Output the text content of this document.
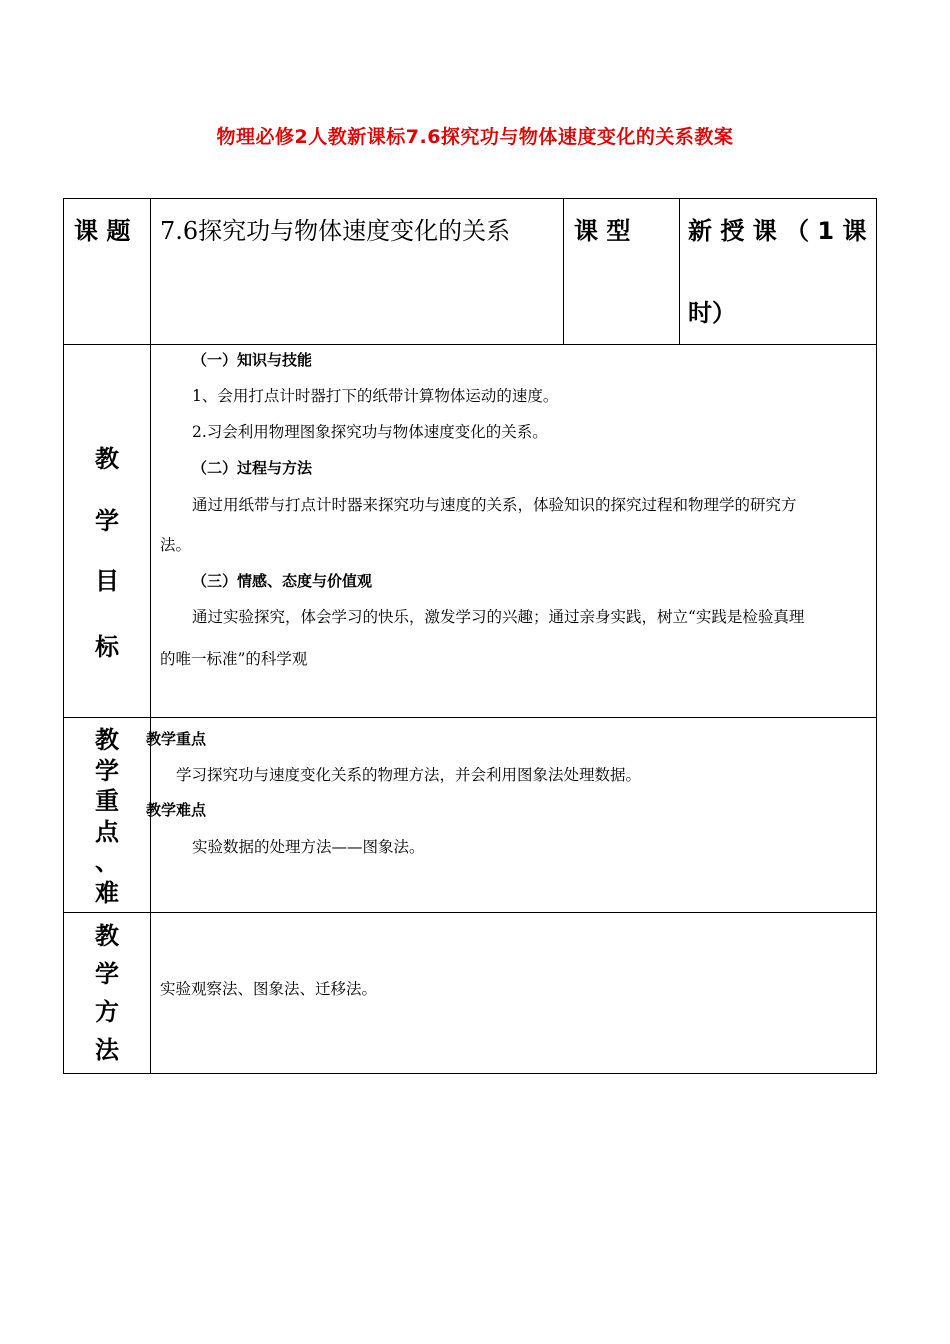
物理必修2人教新课标7.6探究功与物体速度变化的关系教案
课 题 7.6探究功与物体速度变化的关系	课 型 新 授 课 （ 1 课
时）
教
学
目
标
（一）知识与技能
1、会用打点计时器打下的纸带计算物体运动的速度。
2.习会利用物理图象探究功与物体速度变化的关系。
（二）过程与方法
通过用纸带与打点计时器来探究功与速度的关系，体验知识的探究过程和物理学的研究方
法。
（三）情感、态度与价值观
通过实验探究，体会学习的快乐，激发学习的兴趣；通过亲身实践，树立“实践是检验真理
的唯一标准”的科学观
教
学
重
点
、
难
教学重点
学习探究功与速度变化关系的物理方法，并会利用图象法处理数据。
教学难点
实验数据的处理方法——图象法。
教
学
方
法
实验观察法、图象法、迁移法。
